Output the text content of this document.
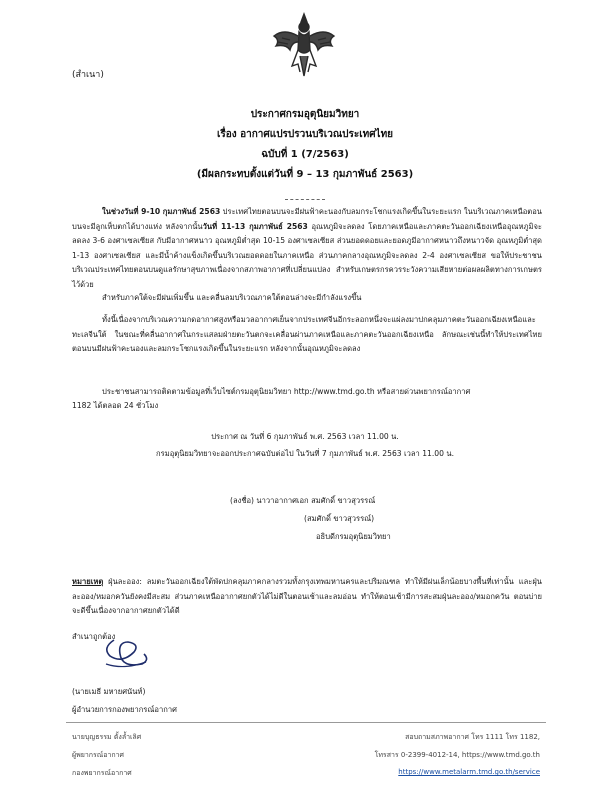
(สำเนา)
ประกาศกรมอุตุนิยมวิทยา
เรื่อง อากาศแปรปรวนบริเวณประเทศไทย
ฉบับที่ 1 (7/2563)
(มีผลกระทบตั้งแต่วันที่ 9 – 13 กุมภาพันธ์ 2563)
ในช่วงวันที่ 9-10 กุมภาพันธ์ 2563 ประเทศไทยตอนบนจะมีฝนฟ้าคะนองกับลมกระโชกแรงเกิดขึ้นในระยะแรก ในบริเวณภาคเหนือตอนบนจะมีลูกเห็บตกได้บางแห่ง หลังจากนั้นวันที่ 11-13 กุมภาพันธ์ 2563 อุณหภูมิจะลดลง โดยภาคเหนือและภาคตะวันออกเฉียงเหนืออุณหภูมิจะลดลง 3-6 องศาเซลเซียส กับมีอากาศหนาว อุณหภูมิต่ำสุด 10-15 องศาเซลเซียส ส่วนยอดดอยและยอดภูมีอากาศหนาวถึงหนาวจัด อุณหภูมิต่ำสุด 1-13 องศาเซลเซียส และมีน้ำค้างแข็งเกิดขึ้นบริเวณยอดดอยในภาคเหนือ ส่วนภาคกลางอุณหภูมิจะลดลง 2-4 องศาเซลเซียส ขอให้ประชาชนบริเวณประเทศไทยตอนบนดูแลรักษาสุขภาพเนื่องจากสภาพอากาศที่เปลี่ยนแปลง สำหรับเกษตรกรควรระวังความเสียหายต่อผลผลิตทางการเกษตรไว้ด้วย
สำหรับภาคใต้จะมีฝนเพิ่มขึ้น และคลื่นลมบริเวณภาคใต้ตอนล่างจะมีกำลังแรงขึ้น
ทั้งนี้เนื่องจากบริเวณความกดอากาศสูงหรือมวลอากาศเย็นจากประเทศจีนอีกระลอกหนึ่งจะแผ่ลงมาปกคลุมภาคตะวันออกเฉียงเหนือและทะเลจีนใต้ ในขณะที่คลื่นอากาศในกระแสลมฝ่ายตะวันตกจะเคลื่อนผ่านภาคเหนือและภาคตะวันออกเฉียงเหนือ ลักษณะเช่นนี้ทำให้ประเทศไทยตอนบนมีฝนฟ้าคะนองและลมกระโชกแรงเกิดขึ้นในระยะแรก หลังจากนั้นอุณหภูมิจะลดลง
ประชาชนสามารถติดตามข้อมูลที่เว็บไซต์กรมอุตุนิยมวิทยา http://www.tmd.go.th หรือสายด่วนพยากรณ์อากาศ
1182 ได้ตลอด 24 ชั่วโมง
ประกาศ ณ วันที่ 6 กุมภาพันธ์ พ.ศ. 2563 เวลา 11.00 น.
กรมอุตุนิยมวิทยาจะออกประกาศฉบับต่อไป ในวันที่ 7 กุมภาพันธ์ พ.ศ. 2563 เวลา 11.00 น.
(ลงชื่อ) นาวาอากาศเอก สมศักดิ์ ขาวสุวรรณ์
(สมศักดิ์ ขาวสุวรรณ์)
อธิบดีกรมอุตุนิยมวิทยา
หมายเหตุ ฝุ่นละออง: ลมตะวันออกเฉียงใต้พัดปกคลุมภาคกลางรวมทั้งกรุงเทพมหานครและปริมณฑล ทำให้มีฝนเล็กน้อยบางพื้นที่เท่านั้น และฝุ่นละออง/หมอกควันยังคงมีสะสม ส่วนภาคเหนืออากาศยกตัวได้ไม่ดีในตอนเช้าและลมอ่อน ทำให้ตอนเช้ามีการสะสมฝุ่นละออง/หมอกควัน ตอนบ่ายจะดีขึ้นเนื่องจากอากาศยกตัวได้ดี
สำเนาถูกต้อง
(นายเมธี มหายศนันท์)
ผู้อำนวยการกองพยากรณ์อากาศ
นายบุญธรรม ตั้งล้ำเลิศ
ผู้พยากรณ์อากาศ
กองพยากรณ์อากาศ
สอบถามสภาพอากาศ โทร 1111 โทร 1182,
โทรสาร 0-2399-4012-14, https://www.tmd.go.th
https://www.metalarm.tmd.go.th/service
